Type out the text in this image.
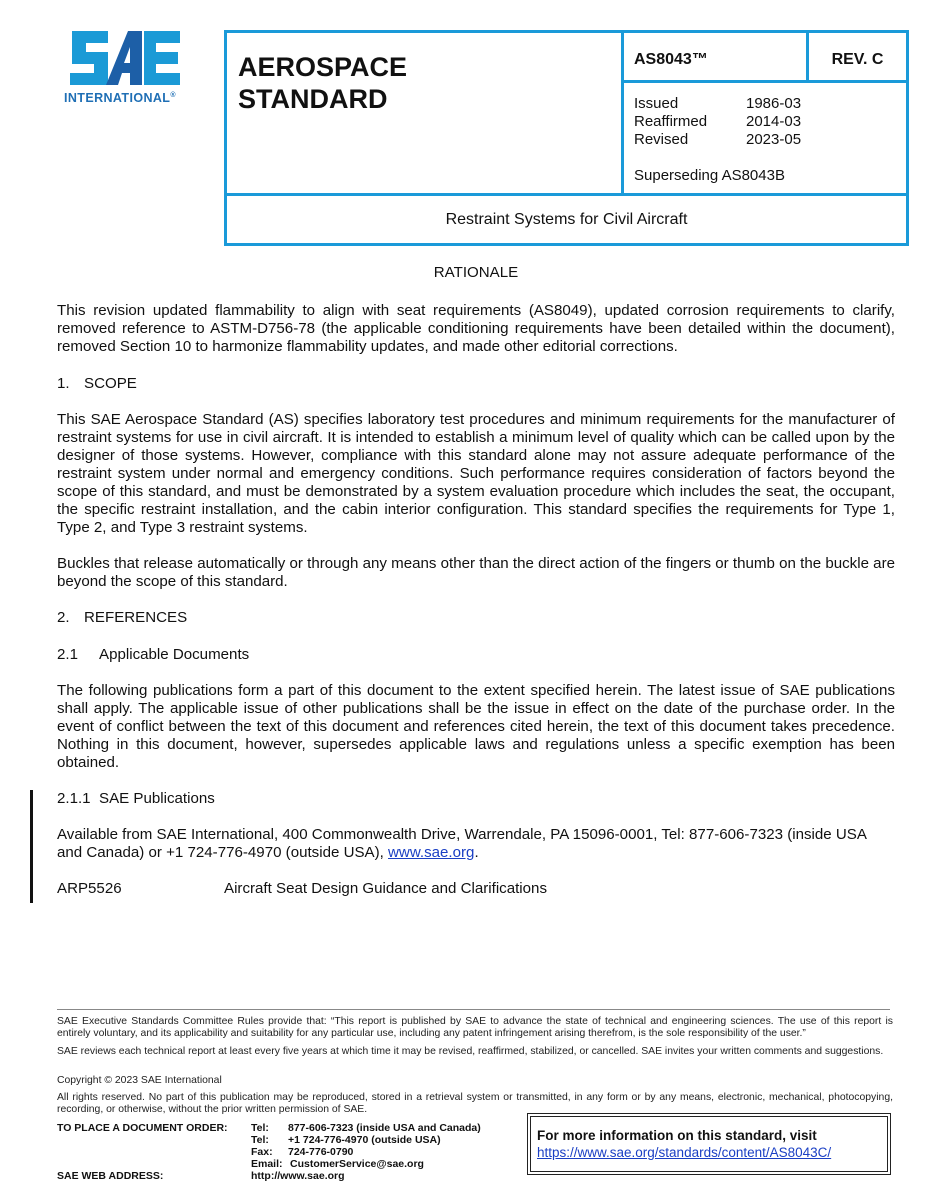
INTERNATIONAL®
AEROSPACE
STANDARD
AS8043™	REV. C
Issued	1986-03
Reaffirmed	2014-03
Revised	2023-05
Superseding AS8043B
Restraint Systems for Civil Aircraft
RATIONALE
This revision updated flammability to align with seat requirements (AS8049), updated corrosion requirements to clarify, removed reference to ASTM-D756-78 (the applicable conditioning requirements have been detailed within the document), removed Section 10 to harmonize flammability updates, and made other editorial corrections.
1. SCOPE
This SAE Aerospace Standard (AS) specifies laboratory test procedures and minimum requirements for the manufacturer of restraint systems for use in civil aircraft. It is intended to establish a minimum level of quality which can be called upon by the designer of those systems. However, compliance with this standard alone may not assure adequate performance of the restraint system under normal and emergency conditions. Such performance requires consideration of factors beyond the scope of this standard, and must be demonstrated by a system evaluation procedure which includes the seat, the occupant, the specific restraint installation, and the cabin interior configuration. This standard specifies the requirements for Type 1, Type 2, and Type 3 restraint systems.
Buckles that release automatically or through any means other than the direct action of the fingers or thumb on the buckle are beyond the scope of this standard.
2. REFERENCES
2.1 Applicable Documents
The following publications form a part of this document to the extent specified herein. The latest issue of SAE publications shall apply. The applicable issue of other publications shall be the issue in effect on the date of the purchase order. In the event of conflict between the text of this document and references cited herein, the text of this document takes precedence. Nothing in this document, however, supersedes applicable laws and regulations unless a specific exemption has been obtained.
2.1.1 SAE Publications
Available from SAE International, 400 Commonwealth Drive, Warrendale, PA 15096-0001, Tel: 877-606-7323 (inside USA and Canada) or +1 724-776-4970 (outside USA), www.sae.org.
ARP5526	Aircraft Seat Design Guidance and Clarifications
SAE Executive Standards Committee Rules provide that: “This report is published by SAE to advance the state of technical and engineering sciences. The use of this report is entirely voluntary, and its applicability and suitability for any particular use, including any patent infringement arising therefrom, is the sole responsibility of the user.”
SAE reviews each technical report at least every five years at which time it may be revised, reaffirmed, stabilized, or cancelled. SAE invites your written comments and suggestions.
Copyright © 2023 SAE International
All rights reserved. No part of this publication may be reproduced, stored in a retrieval system or transmitted, in any form or by any means, electronic, mechanical, photocopying, recording, or otherwise, without the prior written permission of SAE.
TO PLACE A DOCUMENT ORDER:	Tel:	877-606-7323 (inside USA and Canada)
Tel:	+1 724-776-4970 (outside USA)
Fax:	724-776-0790
Email: CustomerService@sae.org
SAE WEB ADDRESS:	http://www.sae.org
For more information on this standard, visit
https://www.sae.org/standards/content/AS8043C/
